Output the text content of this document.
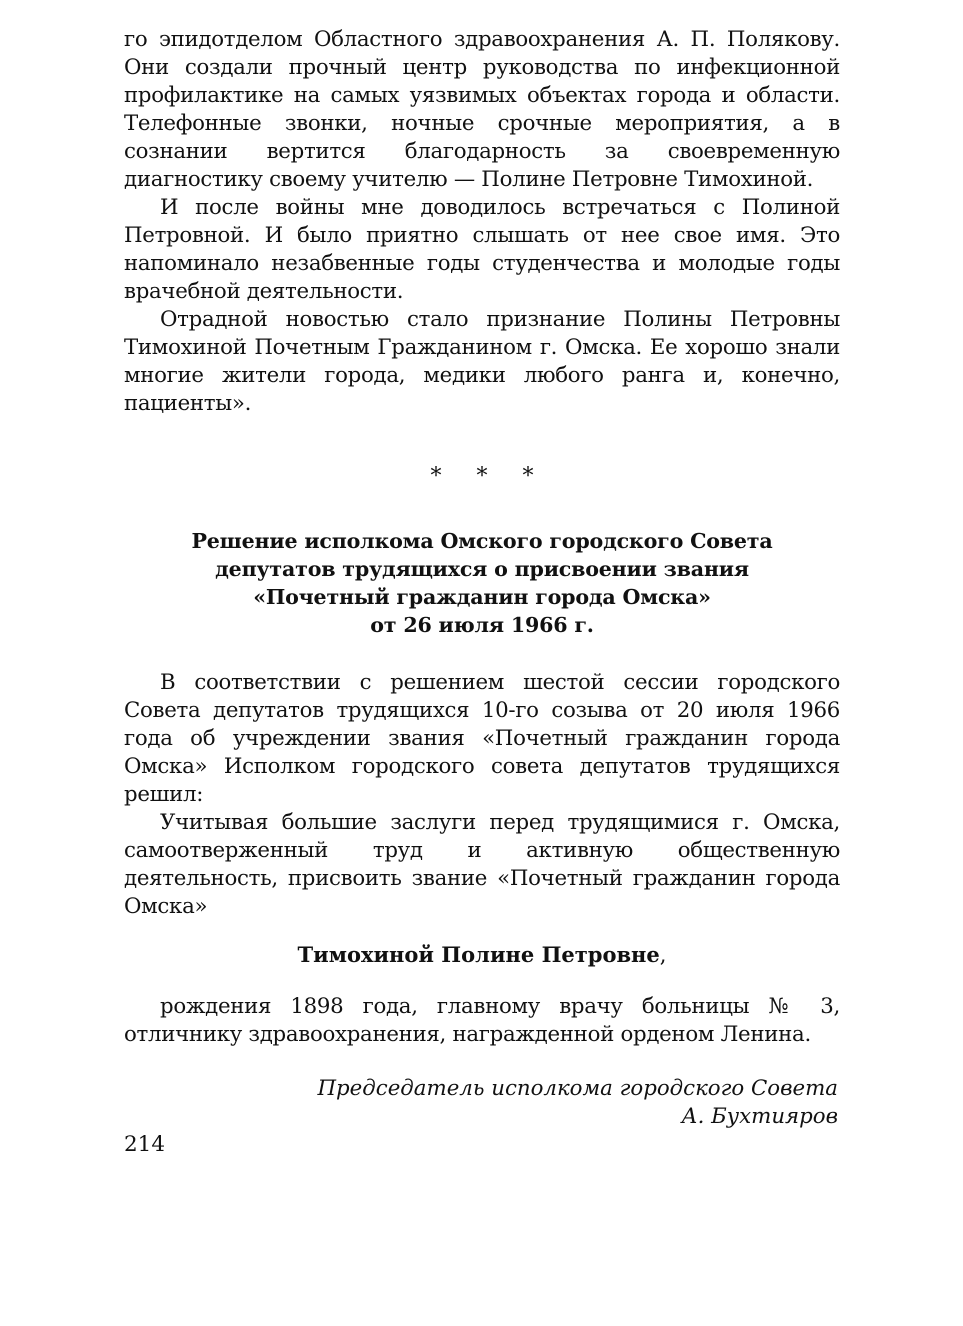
го эпидотделом Областного здравоохранения А. П. Полякову. Они создали прочный центр руководства по инфекционной профилактике на самых уязвимых объектах города и области. Телефонные звонки, ночные срочные мероприятия, а в сознании вертится благодарность за своевременную диагностику своему учителю — Полине Петровне Тимохиной.

И после войны мне доводилось встречаться с Полиной Петровной. И было приятно слышать от нее свое имя. Это напоминало незабвенные годы студенчества и молодые годы врачебной деятельности.

Отрадной новостью стало признание Полины Петровны Тимохиной Почетным Гражданином г. Омска. Ее хорошо знали многие жители города, медики любого ранга и, конечно, пациенты».

* * *
Решение исполкома Омского городского Совета
депутатов трудящихся о присвоении звания
«Почетный гражданин города Омска»
от 26 июля 1966 г.

В соответствии с решением шестой сессии городского Совета депутатов трудящихся 10-го созыва от 20 июля 1966 года об учреждении звания «Почетный гражданин города Омска» Исполком городского совета депутатов трудящихся решил:

Учитывая большие заслуги перед трудящимися г. Омска, самоотверженный труд и активную общественную деятельность, присвоить звание «Почетный гражданин города Омска»

Тимохиной Полине Петровне,

рождения 1898 года, главному врачу больницы № 3, отличнику здравоохранения, награжденной орденом Ленина.

Председатель исполкома городского Совета
А. Бухтияров
214
